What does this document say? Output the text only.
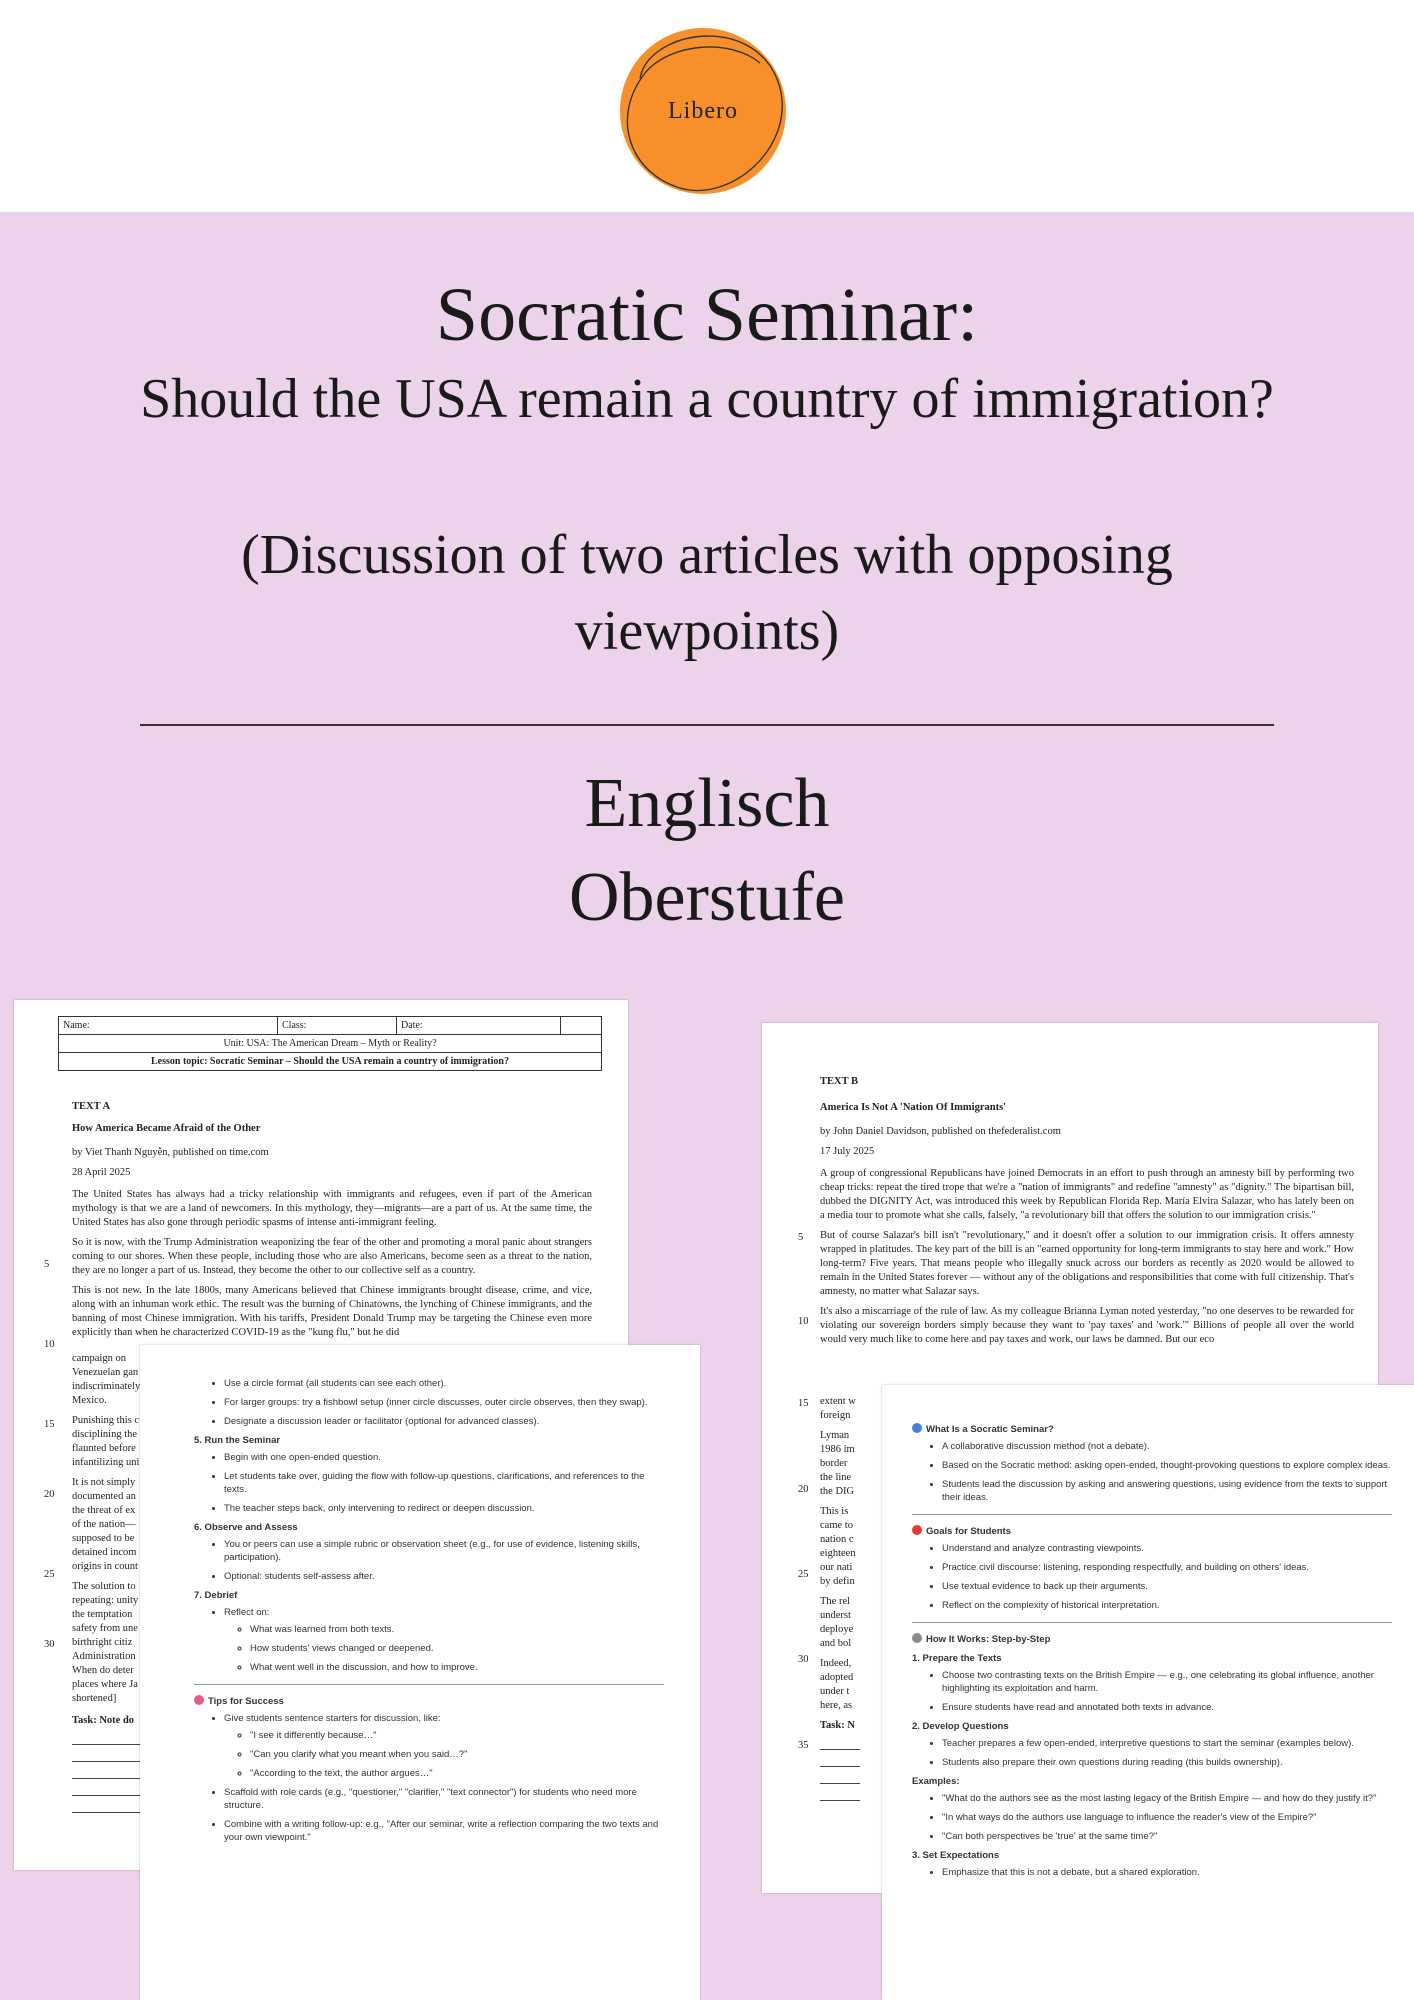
Libero
Socratic Seminar:
Should the USA remain a country of immigration?
(Discussion of two articles with opposing
viewpoints)
Englisch
Oberstufe
Name:	Class:	Date:	
Unit: USA: The American Dream – Myth or Reality?
Lesson topic: Socratic Seminar – Should the USA remain a country of immigration?
TEXT A
How America Became Afraid of the Other
by Viet Thanh Nguyễn, published on time.com
28 April 2025

The United States has always had a tricky relationship with immigrants and refugees, even if part of the American mythology is that we are a land of newcomers. In this mythology, they—migrants—are a part of us. At the same time, the United States has also gone through periodic spasms of intense anti-immigrant feeling.

So it is now, with the Trump Administration weaponizing the fear of the other and promoting a moral panic about strangers coming to our shores. When these people, including those who are also Americans, become seen as a threat to the nation, they are no longer a part of us. Instead, they become the other to our collective self as a country.

This is not new. In the late 1800s, many Americans believed that Chinese immigrants brought disease, crime, and vice, along with an inhuman work ethic. The result was the burning of Chinatowns, the lynching of Chinese immigrants, and the banning of most Chinese immigration. With his tariffs, President Donald Trump may be targeting the Chinese even more explicitly than when he characterized COVID-19 as the "kung flu," but he did

campaign on
Venezuelan gan
indiscriminately
Mexico.
Punishing this c
disciplining the
flaunted before
infantilizing uni
It is not simply
documented an
the threat of ex
of the nation—
supposed to be
detained incom
origins in count
The solution to
repeating: unity
the temptation
safety from une
birthright citiz
Administration
When do deter
places where Ja
shortened]
Task: Note do
5
10
15
20
25
30
TEXT B
America Is Not A 'Nation Of Immigrants'
by John Daniel Davidson, published on thefederalist.com
17 July 2025

A group of congressional Republicans have joined Democrats in an effort to push through an amnesty bill by performing two cheap tricks: repeat the tired trope that we're a "nation of immigrants" and redefine "amnesty" as "dignity." The bipartisan bill, dubbed the DIGNITY Act, was introduced this week by Republican Florida Rep. María Elvira Salazar, who has lately been on a media tour to promote what she calls, falsely, "a revolutionary bill that offers the solution to our immigration crisis."

But of course Salazar's bill isn't "revolutionary," and it doesn't offer a solution to our immigration crisis. It offers amnesty wrapped in platitudes. The key part of the bill is an "earned opportunity for long-term immigrants to stay here and work." How long-term? Five years. That means people who illegally snuck across our borders as recently as 2020 would be allowed to remain in the United States forever — without any of the obligations and responsibilities that come with full citizenship. That's amnesty, no matter what Salazar says.

It's also a miscarriage of the rule of law. As my colleague Brianna Lyman noted yesterday, "no one deserves to be rewarded for violating our sovereign borders simply because they want to 'pay taxes' and 'work.'" Billions of people all over the world would very much like to come here and pay taxes and work, our laws be damned. But our eco

extent w
foreign
Lyman
1986 im
border
the line
the DIG
This is
came to
nation c
eighteen
our nati
by defin
The rel
underst
deploye
and bol
Indeed,
adopted
under t
here, as
Task: N
5
10
15
20
25
30
35
• Use a circle format (all students can see each other).
• For larger groups: try a fishbowl setup (inner circle discusses, outer circle observes, then they swap).
• Designate a discussion leader or facilitator (optional for advanced classes).
5. Run the Seminar
• Begin with one open-ended question.
• Let students take over, guiding the flow with follow-up questions, clarifications, and references to the texts.
• The teacher steps back, only intervening to redirect or deepen discussion.
6. Observe and Assess
• You or peers can use a simple rubric or observation sheet (e.g., for use of evidence, listening skills, participation).
• Optional: students self-assess after.
7. Debrief
• Reflect on:
◦ What was learned from both texts.
◦ How students' views changed or deepened.
◦ What went well in the discussion, and how to improve.
Tips for Success
• Give students sentence starters for discussion, like:
◦ "I see it differently because…"
◦ "Can you clarify what you meant when you said…?"
◦ "According to the text, the author argues…"
• Scaffold with role cards (e.g., "questioner," "clarifier," "text connector") for students who need more structure.
• Combine with a writing follow-up: e.g., "After our seminar, write a reflection comparing the two texts and your own viewpoint."
What Is a Socratic Seminar?
• A collaborative discussion method (not a debate).
• Based on the Socratic method: asking open-ended, thought-provoking questions to explore complex ideas.
• Students lead the discussion by asking and answering questions, using evidence from the texts to support their ideas.
Goals for Students
• Understand and analyze contrasting viewpoints.
• Practice civil discourse: listening, responding respectfully, and building on others' ideas.
• Use textual evidence to back up their arguments.
• Reflect on the complexity of historical interpretation.
How It Works: Step-by-Step
1. Prepare the Texts
• Choose two contrasting texts on the British Empire — e.g., one celebrating its global influence, another highlighting its exploitation and harm.
• Ensure students have read and annotated both texts in advance.
2. Develop Questions
• Teacher prepares a few open-ended, interpretive questions to start the seminar (examples below).
• Students also prepare their own questions during reading (this builds ownership).
Examples:
• "What do the authors see as the most lasting legacy of the British Empire — and how do they justify it?"
• "In what ways do the authors use language to influence the reader's view of the Empire?"
• "Can both perspectives be 'true' at the same time?"
3. Set Expectations
• Emphasize that this is not a debate, but a shared exploration.
